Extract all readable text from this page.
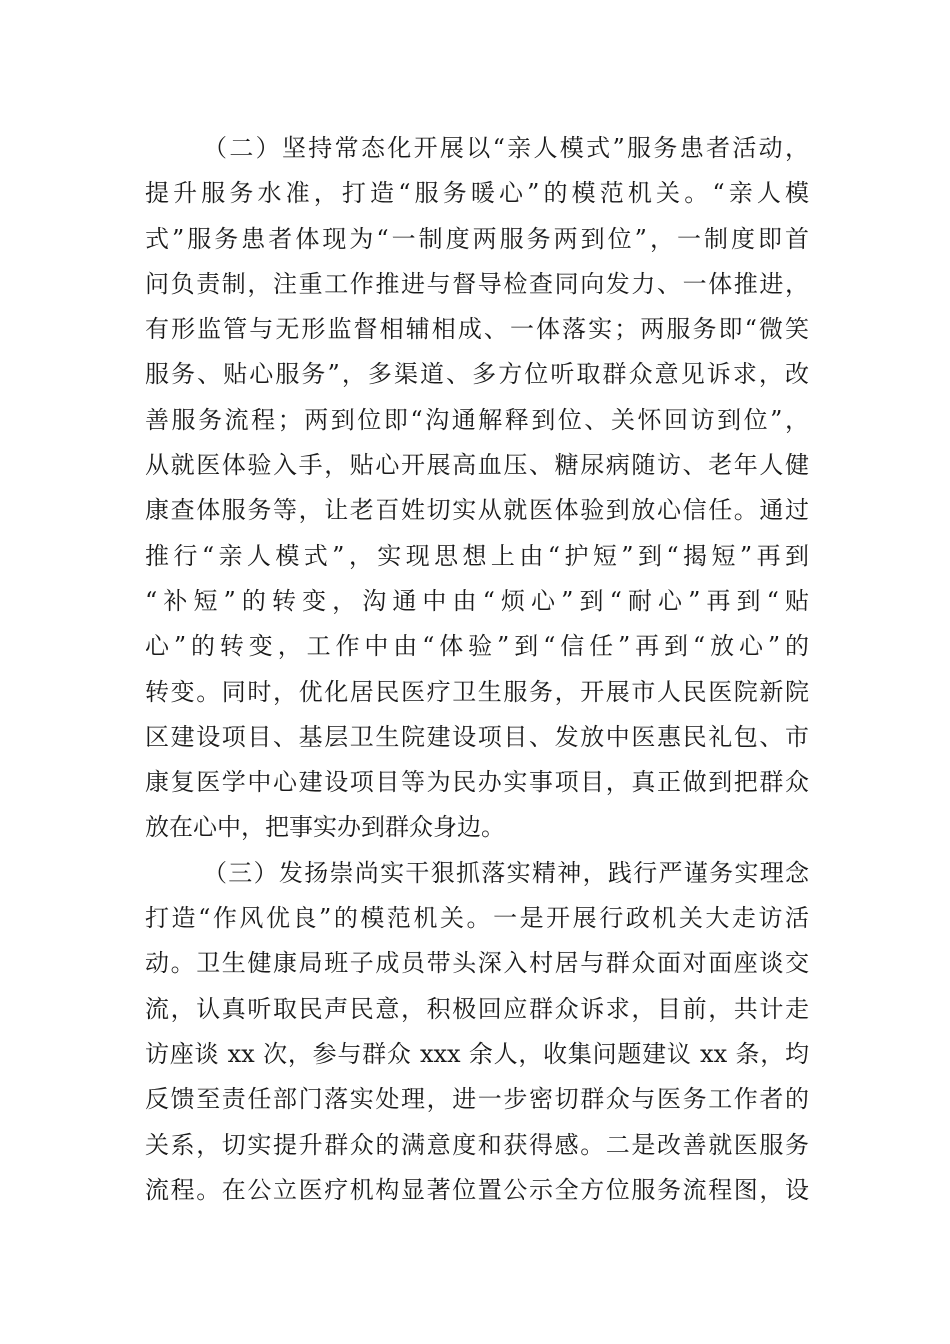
（二）坚持常态化开展以“亲人模式”服务患者活动，
提升服务水准，打造“服务暖心”的模范机关。“亲人模
式”服务患者体现为“一制度两服务两到位”，一制度即首
问负责制，注重工作推进与督导检查同向发力、一体推进，
有形监管与无形监督相辅相成、一体落实；两服务即“微笑
服务、贴心服务”，多渠道、多方位听取群众意见诉求，改
善服务流程；两到位即“沟通解释到位、关怀回访到位”，
从就医体验入手，贴心开展高血压、糖尿病随访、老年人健
康查体服务等，让老百姓切实从就医体验到放心信任。通过
推行“亲人模式”，实现思想上由“护短”到“揭短”再到
“补短”的转变，沟通中由“烦心”到“耐心”再到“贴
心”的转变，工作中由“体验”到“信任”再到“放心”的
转变。同时，优化居民医疗卫生服务，开展市人民医院新院
区建设项目、基层卫生院建设项目、发放中医惠民礼包、市
康复医学中心建设项目等为民办实事项目，真正做到把群众
放在心中，把事实办到群众身边。
（三）发扬崇尚实干狠抓落实精神，践行严谨务实理念
打造“作风优良”的模范机关。一是开展行政机关大走访活
动。卫生健康局班子成员带头深入村居与群众面对面座谈交
流，认真听取民声民意，积极回应群众诉求，目前，共计走
访座谈 xx 次，参与群众 xxx 余人，收集问题建议 xx 条，均
反馈至责任部门落实处理，进一步密切群众与医务工作者的
关系，切实提升群众的满意度和获得感。二是改善就医服务
流程。在公立医疗机构显著位置公示全方位服务流程图，设
